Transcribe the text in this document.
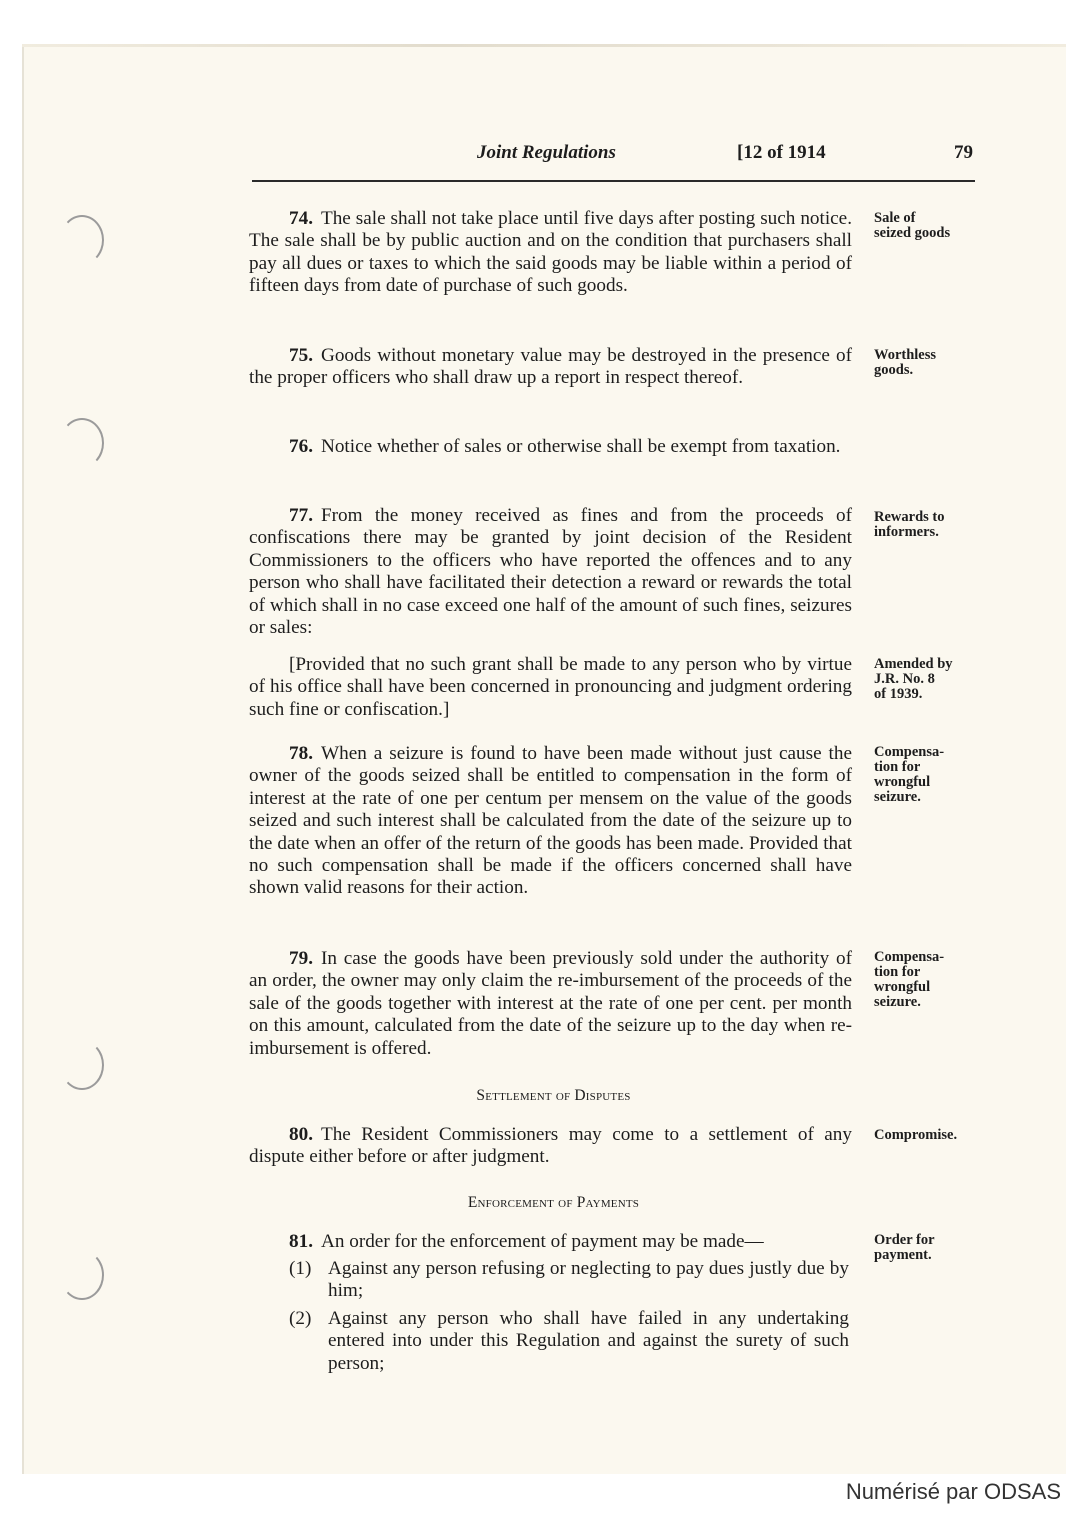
Joint Regulations	[12 of 1914	79

74. The sale shall not take place until five days after posting such notice. The sale shall be by public auction and on the condition that purchasers shall pay all dues or taxes to which the said goods may be liable within a period of fifteen days from date of purchase of such goods.

Sale of
seized goods

75. Goods without monetary value may be destroyed in the presence of the proper officers who shall draw up a report in respect thereof.

Worthless
goods.

76. Notice whether of sales or otherwise shall be exempt from taxation.

77. From the money received as fines and from the proceeds of confiscations there may be granted by joint decision of the Resident Commissioners to the officers who have reported the offences and to any person who shall have facilitated their detection a reward or rewards the total of which shall in no case exceed one half of the amount of such fines, seizures or sales:

Rewards to
informers.

[Provided that no such grant shall be made to any person who by virtue of his office shall have been concerned in pronouncing and judgment ordering such fine or confiscation.]

Amended by
J.R. No. 8
of 1939.

78. When a seizure is found to have been made without just cause the owner of the goods seized shall be entitled to compensation in the form of interest at the rate of one per centum per mensem on the value of the goods seized and such interest shall be calculated from the date of the seizure up to the date when an offer of the return of the goods has been made. Provided that no such compensation shall be made if the officers concerned shall have shown valid reasons for their action.

Compensa-
tion for
wrongful
seizure.

79. In case the goods have been previously sold under the authority of an order, the owner may only claim the re-imbursement of the proceeds of the sale of the goods together with interest at the rate of one per cent. per month on this amount, calculated from the date of the seizure up to the day when re-imbursement is offered.

Compensa-
tion for
wrongful
seizure.
Settlement of Disputes

80. The Resident Commissioners may come to a settlement of any dispute either before or after judgment.

Compromise.
Enforcement of Payments

81. An order for the enforcement of payment may be made—	Order for
payment.
(1) Against any person refusing or neglecting to pay dues justly due by him;
(2) Against any person who shall have failed in any undertaking entered into under this Regulation and against the surety of such person;
Numérisé par ODSAS
